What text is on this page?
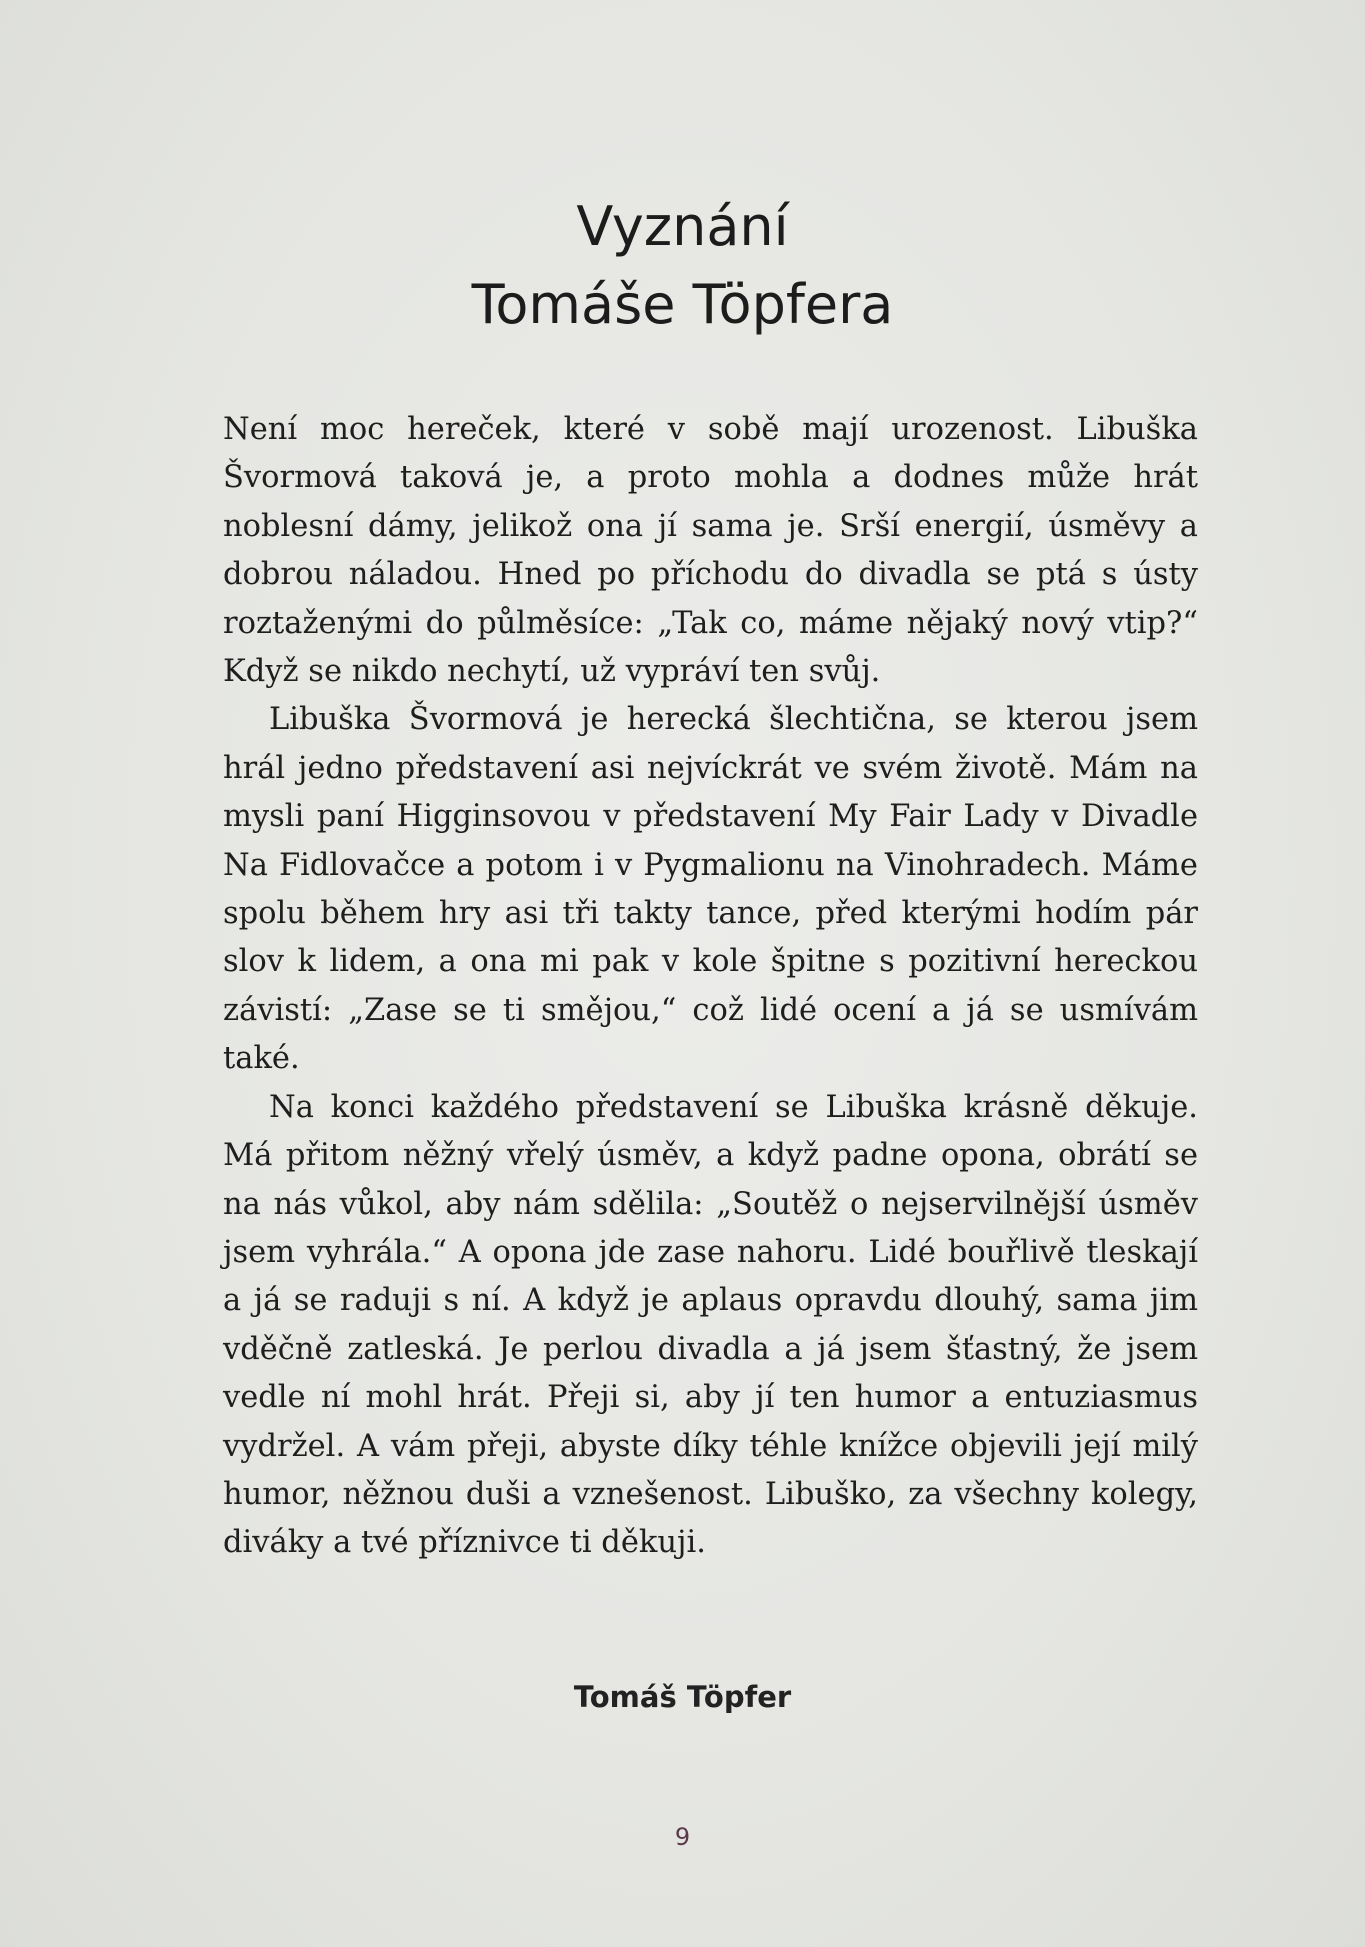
Vyznání
Tomáše Töpfera

Není moc hereček, které v sobě mají urozenost. Libuška Švormová taková je, a proto mohla a dodnes může hrát noblesní dámy, jelikož ona jí sama je. Srší energií, úsměvy a dobrou náladou. Hned po příchodu do divadla se ptá s ústy roztaženými do půlměsíce: „Tak co, máme nějaký nový vtip?“ Když se nikdo nechytí, už vypráví ten svůj.

Libuška Švormová je herecká šlechtična, se kterou jsem hrál jedno představení asi nejvíckrát ve svém životě. Mám na mysli paní Higginsovou v představení My Fair Lady v Divadle Na Fidlovačce a potom i v Pygmalionu na Vinohradech. Máme spolu během hry asi tři takty tance, před kterými hodím pár slov k lidem, a ona mi pak v kole špitne s pozitivní hereckou závistí: „Zase se ti smějou,“ což lidé ocení a já se usmívám také.

Na konci každého představení se Libuška krásně děkuje. Má přitom něžný vřelý úsměv, a když padne opona, obrátí se na nás vůkol, aby nám sdělila: „Soutěž o nejservilnější úsměv jsem vyhrála.“ A opona jde zase nahoru. Lidé bouřlivě tleskají a já se raduji s ní. A když je aplaus opravdu dlouhý, sama jim vděčně zatleská. Je perlou divadla a já jsem šťastný, že jsem vedle ní mohl hrát. Přeji si, aby jí ten humor a entuziasmus vydržel. A vám přeji, abyste díky téhle knížce objevili její milý humor, něžnou duši a vznešenost. Libuško, za všechny kolegy, diváky a tvé příznivce ti děkuji.

Tomáš Töpfer
9
